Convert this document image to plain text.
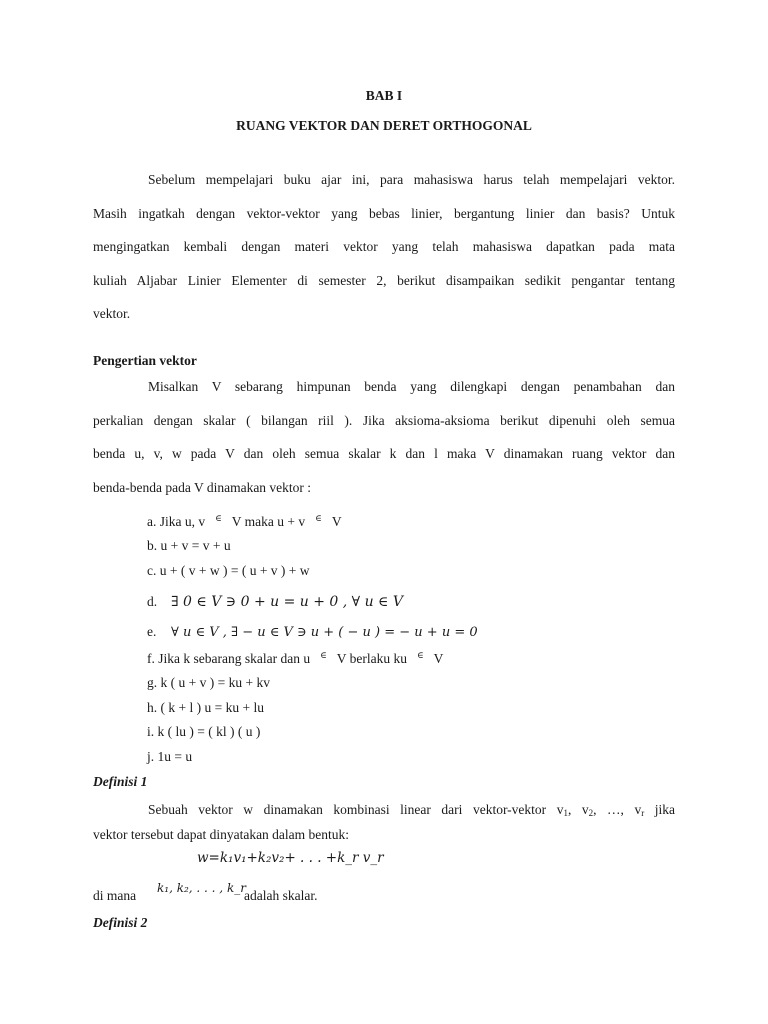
BAB I
RUANG VEKTOR DAN DERET ORTHOGONAL
Sebelum mempelajari buku ajar ini, para mahasiswa harus telah mempelajari vektor.
Masih ingatkah dengan vektor-vektor yang bebas linier, bergantung linier dan basis? Untuk
mengingatkan kembali dengan materi vektor yang telah mahasiswa dapatkan pada mata
kuliah Aljabar Linier Elementer di semester 2, berikut disampaikan sedikit pengantar tentang
vektor.
Pengertian vektor
Misalkan V sebarang himpunan benda yang dilengkapi dengan penambahan dan
perkalian dengan skalar ( bilangan riil ). Jika aksioma-aksioma berikut dipenuhi oleh semua
benda u, v, w pada V dan oleh semua skalar k dan l maka V dinamakan ruang vektor dan
benda-benda pada V dinamakan vektor :
a. Jika u, v ∈ V maka u + v ∈ V
b. u + v = v + u
c. u + ( v + w ) = ( u + v ) + w
d. ∃ 0 ∈ V ∋ 0 + u = u + 0 , ∀ u ∈ V
e. ∀ u ∈ V , ∃ − u ∈ V ∋ u + ( − u ) = − u + u = 0
f. Jika k sebarang skalar dan u ∈ V berlaku ku ∈ V
g. k ( u + v ) = ku + kv
h. ( k + l ) u = ku + lu
i. k ( lu ) = ( kl ) ( u )
j. 1u = u
Definisi 1
Sebuah vektor w dinamakan kombinasi linear dari vektor-vektor v1, v2, …, vr jika
vektor tersebut dapat dinyatakan dalam bentuk:
w=k₁v₁+k₂v₂+ . . . +k_r v_r
di mana k₁, k₂, . . . , k_r
adalah skalar.
Definisi 2
